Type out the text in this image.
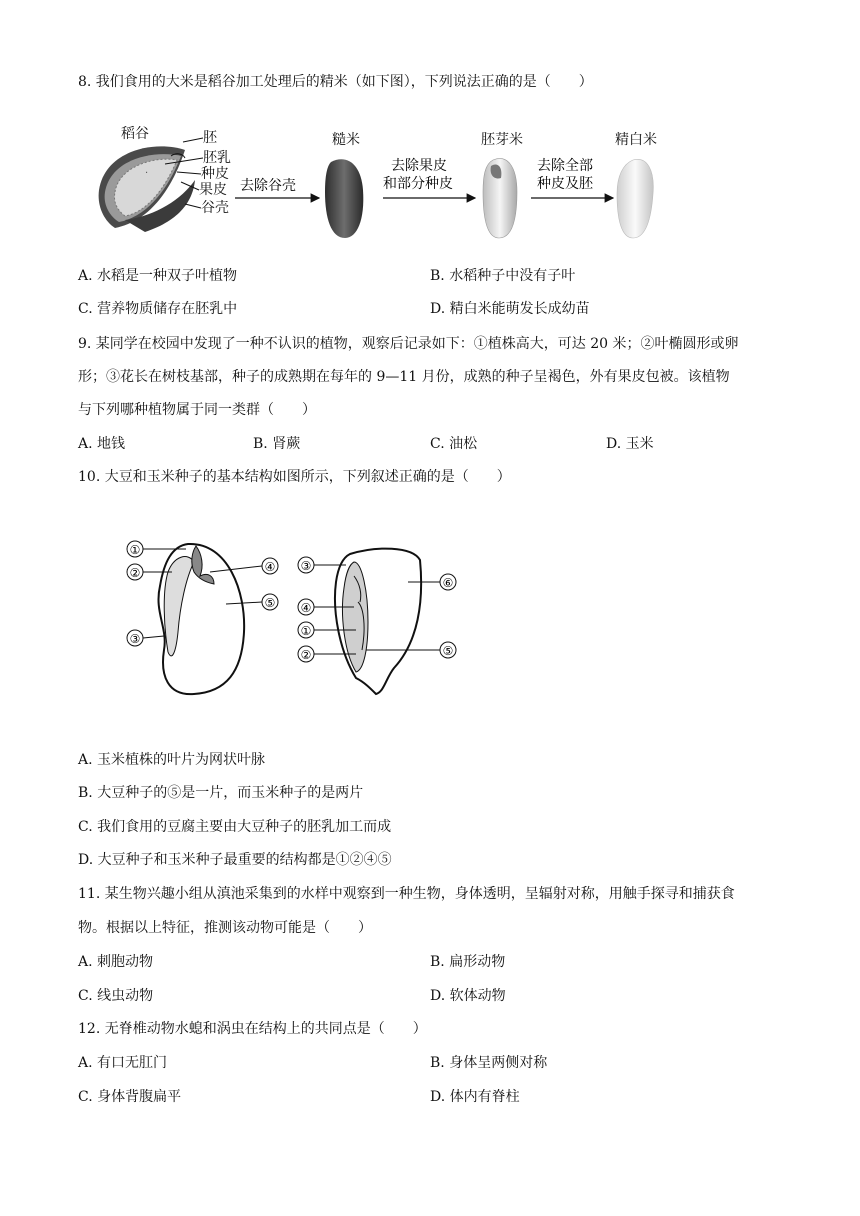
8. 我们食用的大米是稻谷加工处理后的精米（如下图），下列说法正确的是（　　）
稻谷
·
胚
胚乳
种皮
果皮
谷壳
去除谷壳
糙米
去除果皮
和部分种皮
胚芽米
去除全部
种皮及胚
精白米
A. 水稻是一种双子叶植物	B. 水稻种子中没有子叶
C. 营养物质储存在胚乳中	D. 精白米能萌发长成幼苗
9. 某同学在校园中发现了一种不认识的植物，观察后记录如下：①植株高大，可达 20 米；②叶椭圆形或卵
形；③花长在树枝基部，种子的成熟期在每年的 9—11 月份，成熟的种子呈褐色，外有果皮包被。该植物
与下列哪种植物属于同一类群（　　）
A. 地钱	B. 肾蕨	C. 油松	D. 玉米
10. 大豆和玉米种子的基本结构如图所示，下列叙述正确的是（　　）
①
②
③
④
⑤
③
④
①
②
⑥
⑤
A. 玉米植株的叶片为网状叶脉
B. 大豆种子的⑤是一片，而玉米种子的是两片
C. 我们食用的豆腐主要由大豆种子的胚乳加工而成
D. 大豆种子和玉米种子最重要的结构都是①②④⑤
11. 某生物兴趣小组从滇池采集到的水样中观察到一种生物，身体透明，呈辐射对称，用触手探寻和捕获食
物。根据以上特征，推测该动物可能是（　　）
A. 刺胞动物	B. 扁形动物
C. 线虫动物	D. 软体动物
12. 无脊椎动物水螅和涡虫在结构上的共同点是（　　）
A. 有口无肛门	B. 身体呈两侧对称
C. 身体背腹扁平	D. 体内有脊柱
